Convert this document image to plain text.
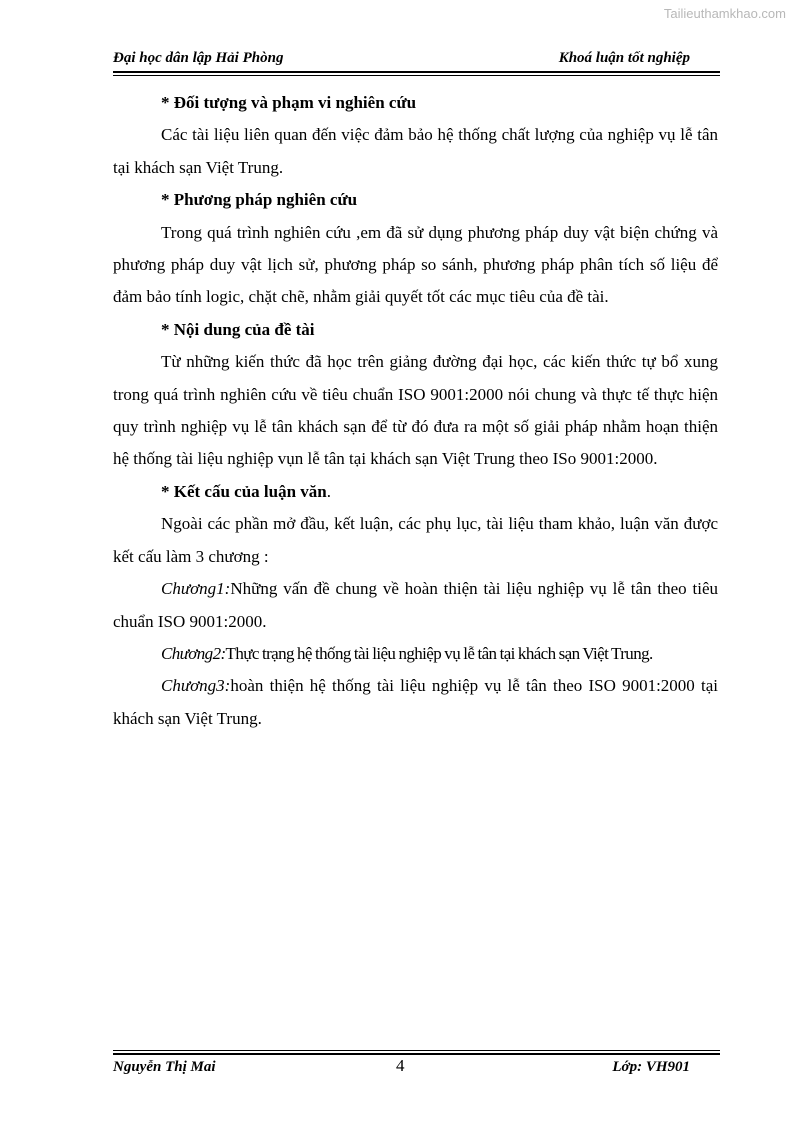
Tailieuthamkhao.com
Đại học dân lập Hải Phòng	Khoá luận tốt nghiệp

* Đối tượng và phạm vi nghiên cứu

Các tài liệu liên quan đến việc đảm bảo hệ thống chất lượng của nghiệp vụ lễ tân tại khách sạn Việt Trung.

* Phương pháp nghiên cứu

Trong quá trình nghiên cứu ,em đã sử dụng phương pháp duy vật biện chứng và phương pháp duy vật lịch sử, phương pháp so sánh, phương pháp phân tích số liệu để đảm bảo tính logic, chặt chẽ, nhằm giải quyết tốt các mục tiêu của đề tài.

* Nội dung của đề tài

Từ những kiến thức đã học trên giảng đường đại học, các kiến thức tự bổ xung trong quá trình nghiên cứu về tiêu chuẩn ISO 9001:2000 nói chung và thực tế thực hiện quy trình nghiệp vụ lễ tân khách sạn để từ đó đưa ra một số giải pháp nhằm hoạn thiện hệ thống tài liệu nghiệp vụn lễ tân tại khách sạn Việt Trung theo ISo 9001:2000.

* Kết cấu của luận văn.

Ngoài các phần mở đầu, kết luận, các phụ lục, tài liệu tham khảo, luận văn được kết cấu làm 3 chương :

Chương1:Những vấn đề chung về hoàn thiện tài liệu nghiệp vụ lễ tân theo tiêu chuẩn ISO 9001:2000.

Chương2:Thực trạng hệ thống tài liệu nghiệp vụ lễ tân tại khách sạn Việt Trung.

Chương3:hoàn thiện hệ thống tài liệu nghiệp vụ lễ tân theo ISO 9001:2000 tại khách sạn Việt Trung.

Nguyễn Thị Mai	4	Lớp: VH901
